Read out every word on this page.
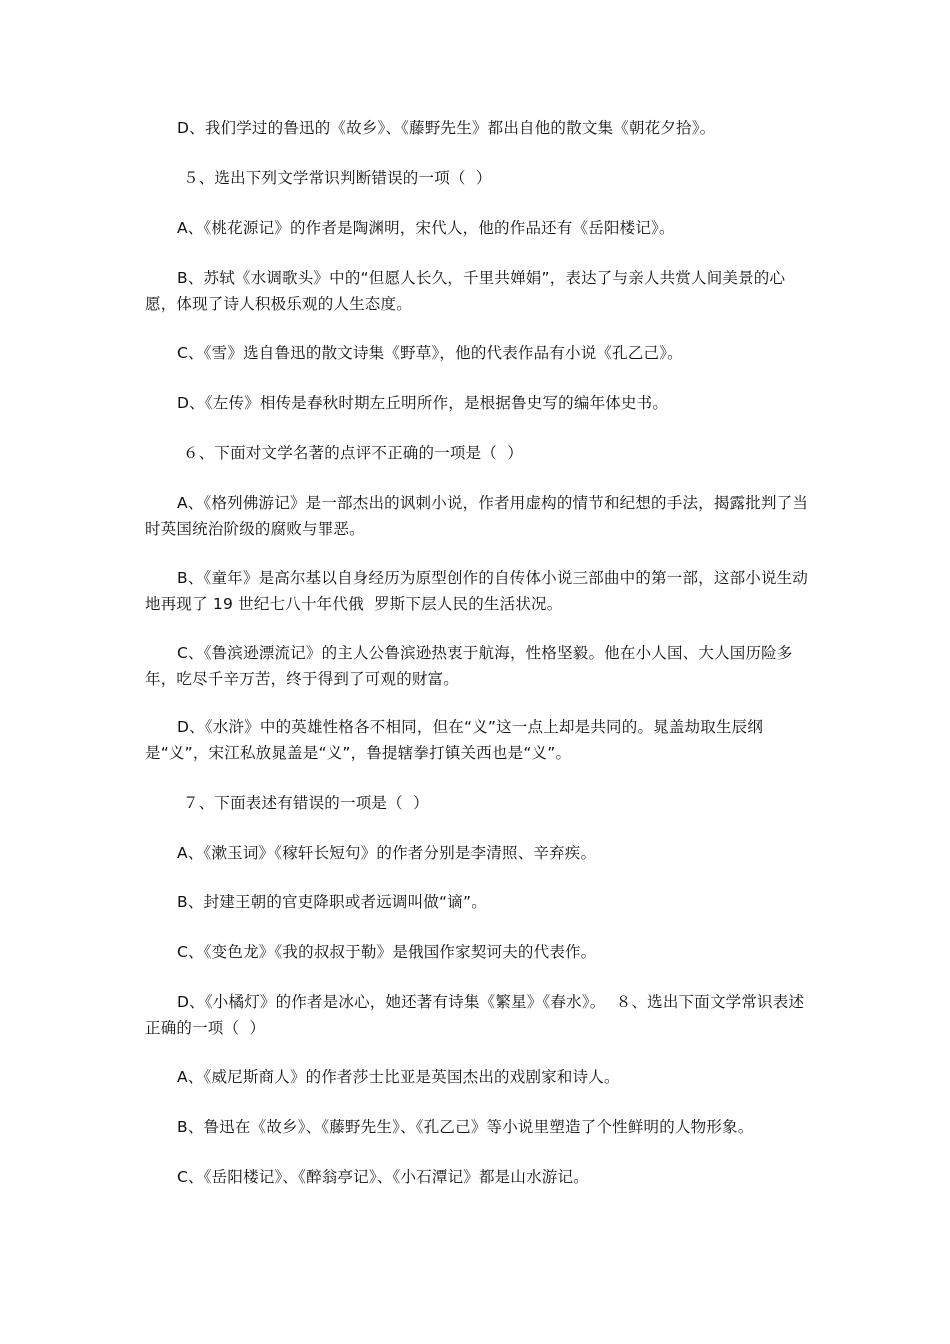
D、我们学过的鲁迅的《故乡》、《藤野先生》都出自他的散文集《朝花夕拾》。

５、选出下列文学常识判断错误的一项（  ）

A、《桃花源记》的作者是陶渊明，宋代人，他的作品还有《岳阳楼记》。

B、苏轼《水调歌头》中的“但愿人长久，千里共婵娟”，表达了与亲人共赏人间美景的心愿，体现了诗人积极乐观的人生态度。

C、《雪》选自鲁迅的散文诗集《野草》，他的代表作品有小说《孔乙己》。

D、《左传》相传是春秋时期左丘明所作，是根据鲁史写的编年体史书。

６、下面对文学名著的点评不正确的一项是（  ）

A、《格列佛游记》是一部杰出的讽刺小说，作者用虚构的情节和纪想的手法，揭露批判了当时英国统治阶级的腐败与罪恶。

B、《童年》是高尔基以自身经历为原型创作的自传体小说三部曲中的第一部，这部小说生动地再现了 19 世纪七八十年代俄  罗斯下层人民的生活状况。

C、《鲁滨逊漂流记》的主人公鲁滨逊热衷于航海，性格坚毅。他在小人国、大人国历险多年，吃尽千辛万苦，终于得到了可观的财富。

D、《水浒》中的英雄性格各不相同，但在“义”这一点上却是共同的。晁盖劫取生辰纲是“义”，宋江私放晁盖是“义”，鲁提辖拳打镇关西也是“义”。

７、下面表述有错误的一项是（  ）

A、《漱玉词》《稼轩长短句》的作者分别是李清照、辛弃疾。

B、封建王朝的官吏降职或者远调叫做“谪”。

C、《变色龙》《我的叔叔于勒》是俄国作家契诃夫的代表作。

D、《小橘灯》的作者是冰心，她还著有诗集《繁星》《春水》。  ８、选出下面文学常识表述正确的一项（  ）

A、《威尼斯商人》的作者莎士比亚是英国杰出的戏剧家和诗人。

B、鲁迅在《故乡》、《藤野先生》、《孔乙己》等小说里塑造了个性鲜明的人物形象。

C、《岳阳楼记》、《醉翁亭记》、《小石潭记》都是山水游记。
